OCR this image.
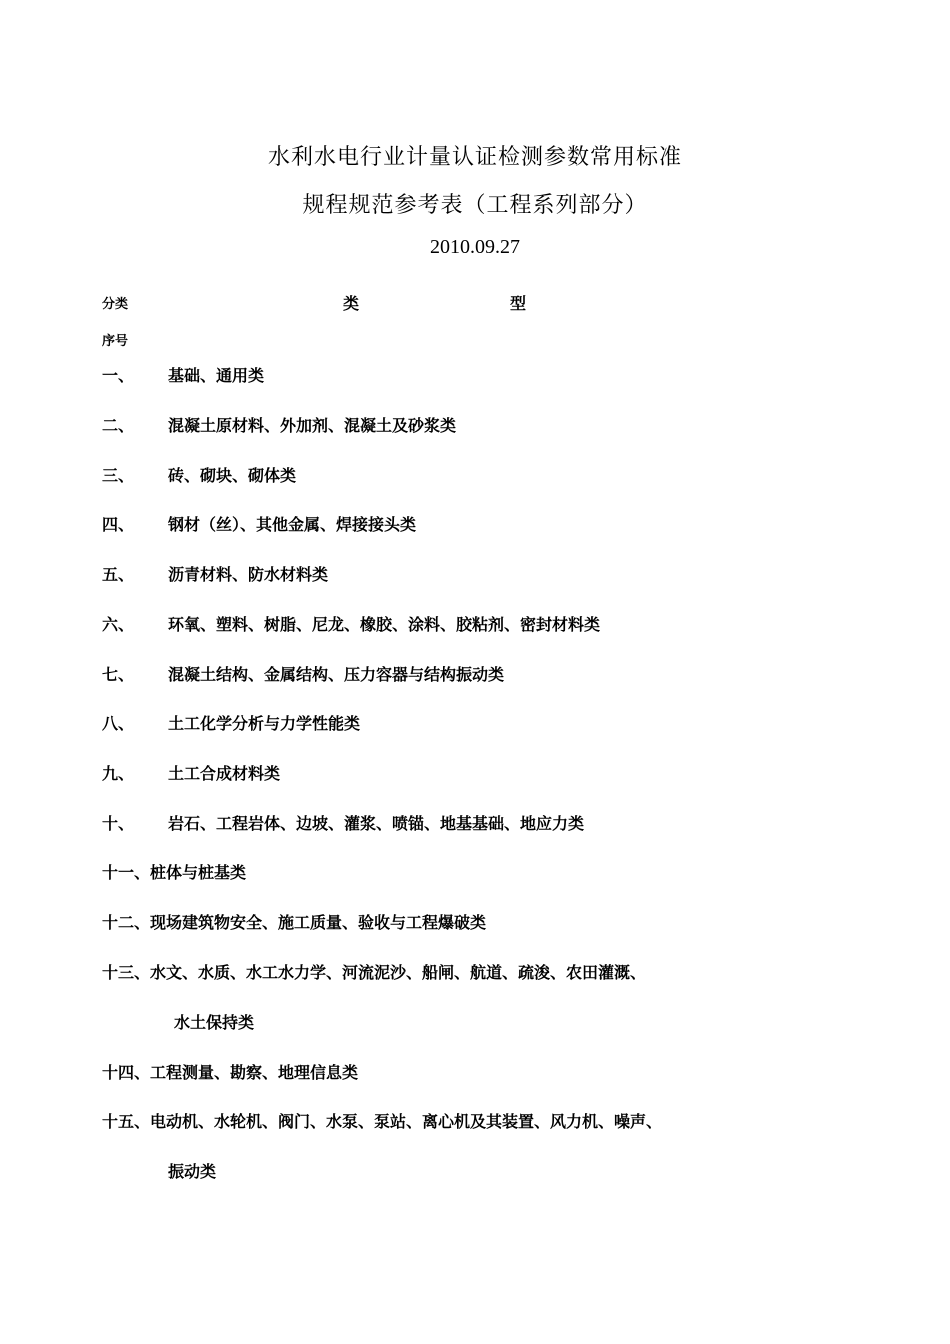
水利水电行业计量认证检测参数常用标准
规程规范参考表（工程系列部分）
2010.09.27
分类	类	型
序号
一、 基础、通用类
二、 混凝土原材料、外加剂、混凝土及砂浆类
三、 砖、砌块、砌体类
四、 钢材（丝）、其他金属、焊接接头类
五、 沥青材料、防水材料类
六、 环氧、塑料、树脂、尼龙、橡胶、涂料、胶粘剂、密封材料类
七、 混凝土结构、金属结构、压力容器与结构振动类
八、 土工化学分析与力学性能类
九、 土工合成材料类
十、 岩石、工程岩体、边坡、灌浆、喷锚、地基基础、地应力类
十一、桩体与桩基类
十二、现场建筑物安全、施工质量、验收与工程爆破类
十三、水文、水质、水工水力学、河流泥沙、船闸、航道、疏浚、农田灌溉、
水土保持类
十四、工程测量、勘察、地理信息类
十五、电动机、水轮机、阀门、水泵、泵站、离心机及其装置、风力机、噪声、
振动类
